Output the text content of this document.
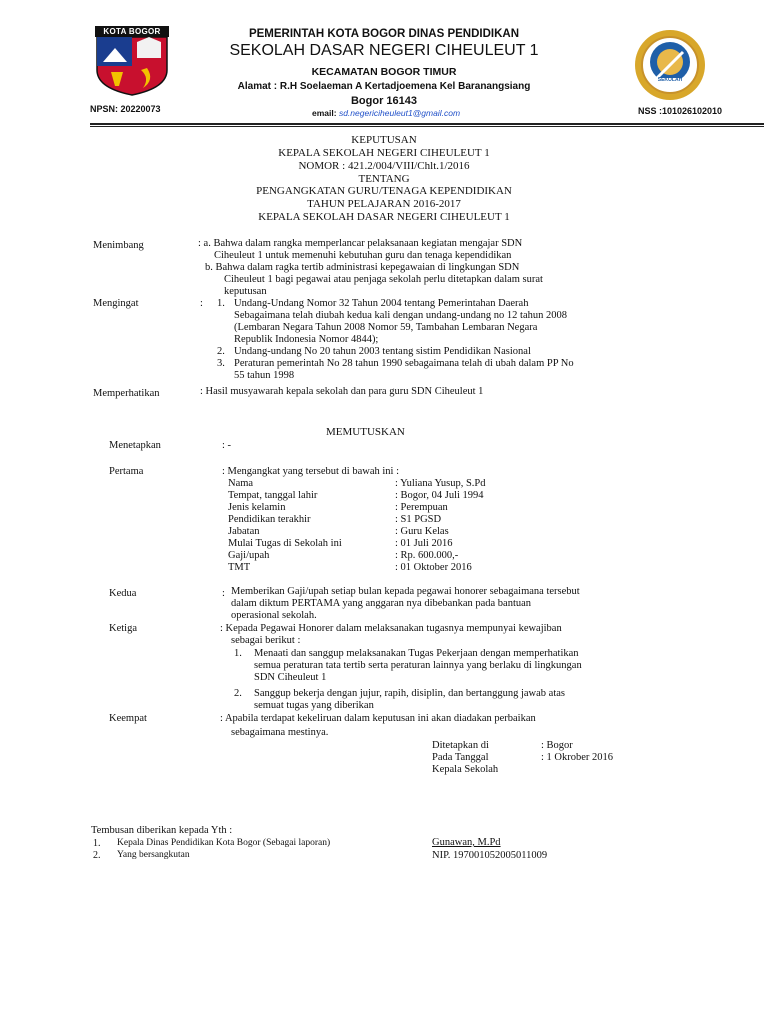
KOTA BOGOR
SEKOLAH
PEMERINTAH KOTA BOGOR DINAS PENDIDIKAN
SEKOLAH DASAR NEGERI CIHEULEUT 1
KECAMATAN BOGOR TIMUR
Alamat : R.H Soelaeman A Kertadjoemena Kel Baranangsiang
Bogor 16143
email: sd.negericiheuleut1@gmail.com
NPSN: 20220073	NSS :101026102010
KEPUTUSAN
KEPALA SEKOLAH NEGERI CIHEULEUT 1
NOMOR : 421.2/004/VIII/Chlt.1/2016
TENTANG
PENGANGKATAN GURU/TENAGA KEPENDIDIKAN
TAHUN PELAJARAN 2016-2017
KEPALA SEKOLAH DASAR NEGERI CIHEULEUT 1
Menimbang	: a. Bahwa dalam rangka memperlancar pelaksanaan kegiatan mengajar SDN
Ciheuleut 1 untuk memenuhi kebutuhan guru dan tenaga kependidikan
b. Bahwa dalam ragka tertib administrasi kepegawaian di lingkungan SDN
Ciheuleut 1 bagi pegawai atau penjaga sekolah perlu ditetapkan dalam surat
keputusan
Mengingat	: 1. Undang-Undang Nomor 32 Tahun 2004 tentang Pemerintahan Daerah
Sebagaimana telah diubah kedua kali dengan undang-undang no 12 tahun 2008
(Lembaran Negara Tahun 2008 Nomor 59, Tambahan Lembaran Negara
Republik Indonesia Nomor 4844);
2. Undang-undang No 20 tahun 2003 tentang sistim Pendidikan Nasional
3. Peraturan pemerintah No 28 tahun 1990 sebagaimana telah di ubah dalam PP No
55 tahun 1998
Memperhatikan	: Hasil musyawarah kepala sekolah dan para guru SDN Ciheuleut 1
MEMUTUSKAN
Menetapkan	: -
Pertama	: Mengangkat yang tersebut di bawah ini :
Nama	: Yuliana Yusup, S.Pd
Tempat, tanggal lahir	: Bogor, 04 Juli 1994
Jenis kelamin	: Perempuan
Pendidikan terakhir	: S1 PGSD
Jabatan	: Guru Kelas
Mulai Tugas di Sekolah ini	: 01 Juli 2016
Gaji/upah	: Rp. 600.000,-
TMT	: 01 Oktober 2016
Kedua	: Memberikan Gaji/upah setiap bulan kepada pegawai honorer sebagaimana tersebut
dalam diktum PERTAMA yang anggaran nya dibebankan pada bantuan
operasional sekolah.
Ketiga	: Kepada Pegawai Honorer dalam melaksanakan tugasnya mempunyai kewajiban
sebagai berikut :
1. Menaati dan sanggup melaksanakan Tugas Pekerjaan dengan memperhatikan
semua peraturan tata tertib serta peraturan lainnya yang berlaku di lingkungan
SDN Ciheuleut 1
2. Sanggup bekerja dengan jujur, rapih, disiplin, dan bertanggung jawab atas
semuat tugas yang diberikan
Keempat	: Apabila terdapat kekeliruan dalam keputusan ini akan diadakan perbaikan
sebagaimana mestinya.
Ditetapkan di	: Bogor
Pada Tanggal	: 1 Okrober 2016
Kepala Sekolah
Gunawan, M.Pd
NIP. 197001052005011009
Tembusan diberikan kepada Yth :
1. Kepala Dinas Pendidikan Kota Bogor (Sebagai laporan)
2. Yang bersangkutan
